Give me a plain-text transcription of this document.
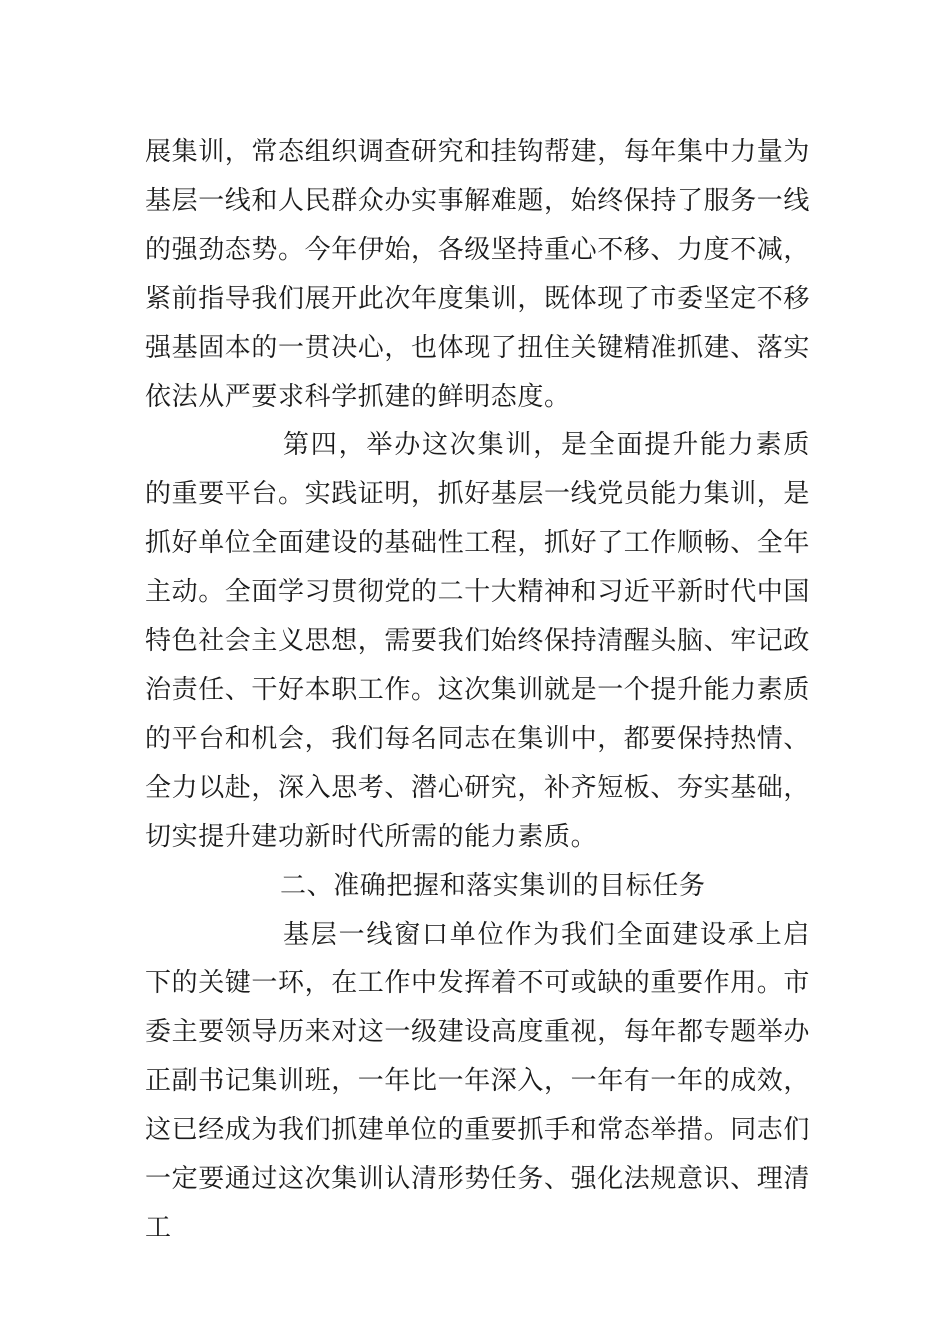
展集训，常态组织调查研究和挂钩帮建，每年集中力量为基层一线和人民群众办实事解难题，始终保持了服务一线的强劲态势。今年伊始，各级坚持重心不移、力度不减，紧前指导我们展开此次年度集训，既体现了市委坚定不移强基固本的一贯决心，也体现了扭住关键精准抓建、落实依法从严要求科学抓建的鲜明态度。

第四，举办这次集训，是全面提升能力素质的重要平台。实践证明，抓好基层一线党员能力集训，是抓好单位全面建设的基础性工程，抓好了工作顺畅、全年主动。全面学习贯彻党的二十大精神和习近平新时代中国特色社会主义思想，需要我们始终保持清醒头脑、牢记政治责任、干好本职工作。这次集训就是一个提升能力素质的平台和机会，我们每名同志在集训中，都要保持热情、全力以赴，深入思考、潜心研究，补齐短板、夯实基础，切实提升建功新时代所需的能力素质。

二、准确把握和落实集训的目标任务

基层一线窗口单位作为我们全面建设承上启下的关键一环，在工作中发挥着不可或缺的重要作用。市委主要领导历来对这一级建设高度重视，每年都专题举办正副书记集训班，一年比一年深入，一年有一年的成效，这已经成为我们抓建单位的重要抓手和常态举措。同志们一定要通过这次集训认清形势任务、强化法规意识、理清工
